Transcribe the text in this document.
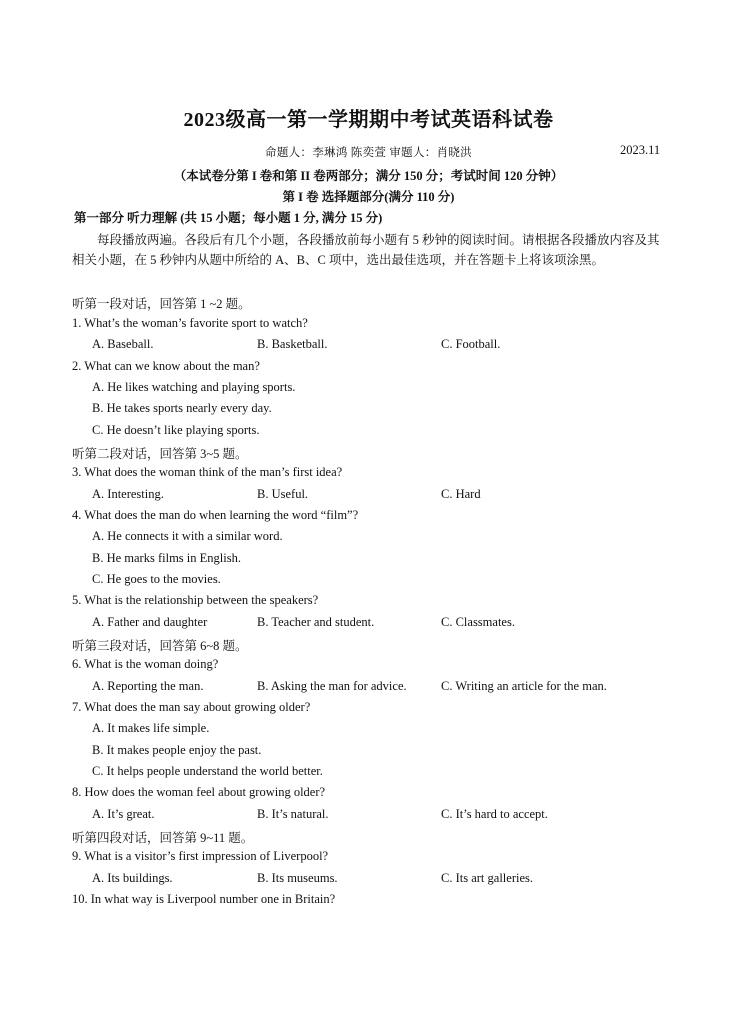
2023级高一第一学期期中考试英语科试卷
命题人：李琳鸿 陈奕萱 审题人：肖晓洪	2023.11
（本试卷分第 I 卷和第 II 卷两部分；满分 150 分；考试时间 120 分钟）
第 I 卷 选择题部分(满分 110 分)
第一部分 听力理解 (共 15 小题；每小题 1 分, 满分 15 分)
每段播放两遍。各段后有几个小题，各段播放前每小题有 5 秒钟的阅读时间。请根据各段播放内容及其相关小题，在 5 秒钟内从题中所给的 A、B、C 项中，选出最佳选项，并在答题卡上将该项涂黑。
听第一段对话，回答第 1 ~2 题。
1. What’s the woman’s favorite sport to watch?
A. Baseball.	B. Basketball.	C. Football.
2. What can we know about the man?
A. He likes watching and playing sports.
B. He takes sports nearly every day.
C. He doesn’t like playing sports.
听第二段对话，回答第 3~5 题。
3. What does the woman think of the man’s first idea?
A. Interesting.	B. Useful.	C. Hard
4. What does the man do when learning the word “film”?
A. He connects it with a similar word.
B. He marks films in English.
C. He goes to the movies.
5. What is the relationship between the speakers?
A. Father and daughter	B. Teacher and student.	C. Classmates.
听第三段对话，回答第 6~8 题。
6. What is the woman doing?
A. Reporting the man.	B. Asking the man for advice.	C. Writing an article for the man.
7. What does the man say about growing older?
A. It makes life simple.
B. It makes people enjoy the past.
C. It helps people understand the world better.
8. How does the woman feel about growing older?
A. It’s great.	B. It’s natural.	C. It’s hard to accept.
听第四段对话，回答第 9~11 题。
9. What is a visitor’s first impression of Liverpool?
A. Its buildings.	B. Its museums.	C. Its art galleries.
10. In what way is Liverpool number one in Britain?
